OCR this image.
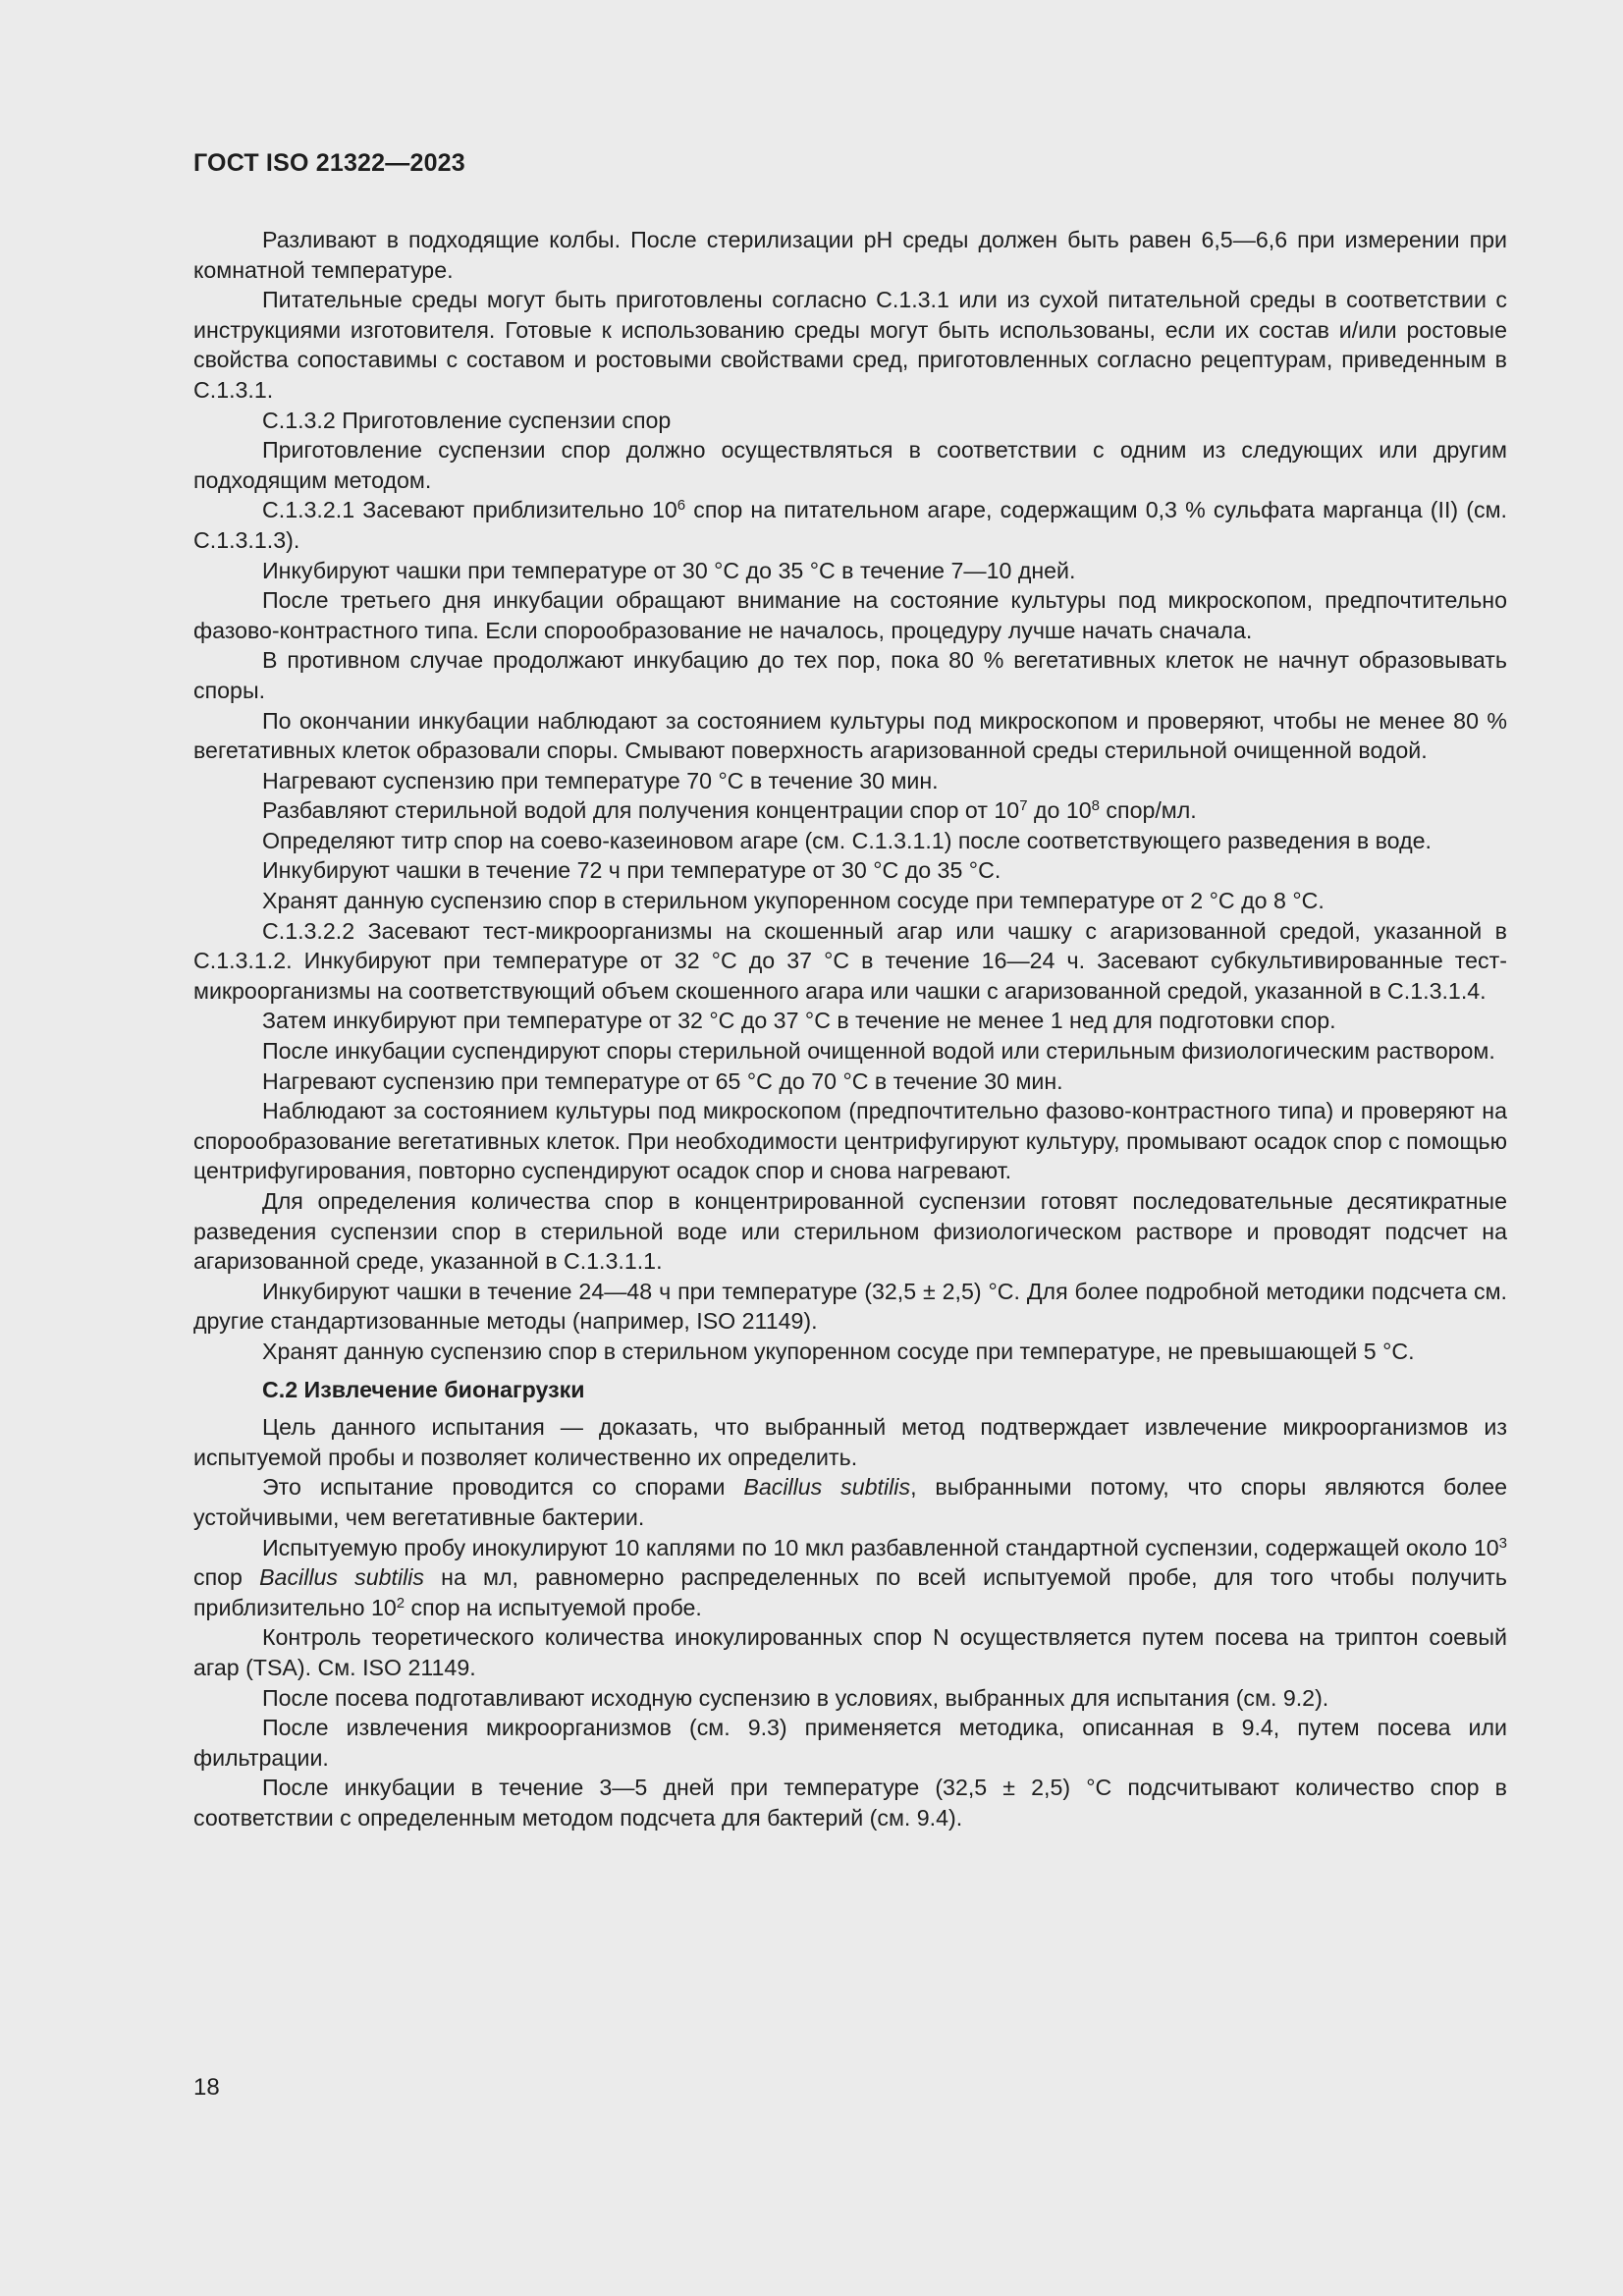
ГОСТ ISO 21322—2023

Разливают в подходящие колбы. После стерилизации pH среды должен быть равен 6,5—6,6 при измерении при комнатной температуре.

Питательные среды могут быть приготовлены согласно С.1.3.1 или из сухой питательной среды в соответствии с инструкциями изготовителя. Готовые к использованию среды могут быть использованы, если их состав и/или ростовые свойства сопоставимы с составом и ростовыми свойствами сред, приготовленных согласно рецептурам, приведенным в С.1.3.1.

С.1.3.2 Приготовление суспензии спор

Приготовление суспензии спор должно осуществляться в соответствии с одним из следующих или другим подходящим методом.

С.1.3.2.1 Засевают приблизительно $10^6$ спор на питательном агаре, содержащим 0,3 % сульфата марганца (II) (см. С.1.3.1.3).

Инкубируют чашки при температуре от 30 °С до 35 °С в течение 7—10 дней.

После третьего дня инкубации обращают внимание на состояние культуры под микроскопом, предпочтительно фазово-контрастного типа. Если спорообразование не началось, процедуру лучше начать сначала.

В противном случае продолжают инкубацию до тех пор, пока 80 % вегетативных клеток не начнут образовывать споры.

По окончании инкубации наблюдают за состоянием культуры под микроскопом и проверяют, чтобы не менее 80 % вегетативных клеток образовали споры. Смывают поверхность агаризованной среды стерильной очищенной водой.

Нагревают суспензию при температуре 70 °С в течение 30 мин.

Разбавляют стерильной водой для получения концентрации спор от $10^7$ до $10^8$ спор/мл.

Определяют титр спор на соево-казеиновом агаре (см. С.1.3.1.1) после соответствующего разведения в воде.

Инкубируют чашки в течение 72 ч при температуре от 30 °С до 35 °С.

Хранят данную суспензию спор в стерильном укупоренном сосуде при температуре от 2 °С до 8 °С.

С.1.3.2.2 Засевают тест-микроорганизмы на скошенный агар или чашку с агаризованной средой, указанной в С.1.3.1.2. Инкубируют при температуре от 32 °С до 37 °С в течение 16—24 ч. Засевают субкультивированные тест-микроорганизмы на соответствующий объем скошенного агара или чашки с агаризованной средой, указанной в С.1.3.1.4.

Затем инкубируют при температуре от 32 °С до 37 °С в течение не менее 1 нед для подготовки спор.

После инкубации суспендируют споры стерильной очищенной водой или стерильным физиологическим раствором.

Нагревают суспензию при температуре от 65 °С до 70 °С в течение 30 мин.

Наблюдают за состоянием культуры под микроскопом (предпочтительно фазово-контрастного типа) и проверяют на спорообразование вегетативных клеток. При необходимости центрифугируют культуру, промывают осадок спор с помощью центрифугирования, повторно суспендируют осадок спор и снова нагревают.

Для определения количества спор в концентрированной суспензии готовят последовательные десятикратные разведения суспензии спор в стерильной воде или стерильном физиологическом растворе и проводят подсчет на агаризованной среде, указанной в С.1.3.1.1.

Инкубируют чашки в течение 24—48 ч при температуре (32,5 ± 2,5) °С. Для более подробной методики подсчета см. другие стандартизованные методы (например, ISO 21149).

Хранят данную суспензию спор в стерильном укупоренном сосуде при температуре, не превышающей 5 °С.

С.2 Извлечение бионагрузки

Цель данного испытания — доказать, что выбранный метод подтверждает извлечение микроорганизмов из испытуемой пробы и позволяет количественно их определить.

Это испытание проводится со спорами Bacillus subtilis, выбранными потому, что споры являются более устойчивыми, чем вегетативные бактерии.

Испытуемую пробу инокулируют 10 каплями по 10 мкл разбавленной стандартной суспензии, содержащей около $10^3$ спор Bacillus subtilis на мл, равномерно распределенных по всей испытуемой пробе, для того чтобы получить приблизительно $10^2$ спор на испытуемой пробе.

Контроль теоретического количества инокулированных спор N осуществляется путем посева на триптон соевый агар (TSA). См. ISO 21149.

После посева подготавливают исходную суспензию в условиях, выбранных для испытания (см. 9.2).

После извлечения микроорганизмов (см. 9.3) применяется методика, описанная в 9.4, путем посева или фильтрации.

После инкубации в течение 3—5 дней при температуре (32,5 ± 2,5) °С подсчитывают количество спор в соответствии с определенным методом подсчета для бактерий (см. 9.4).

18
